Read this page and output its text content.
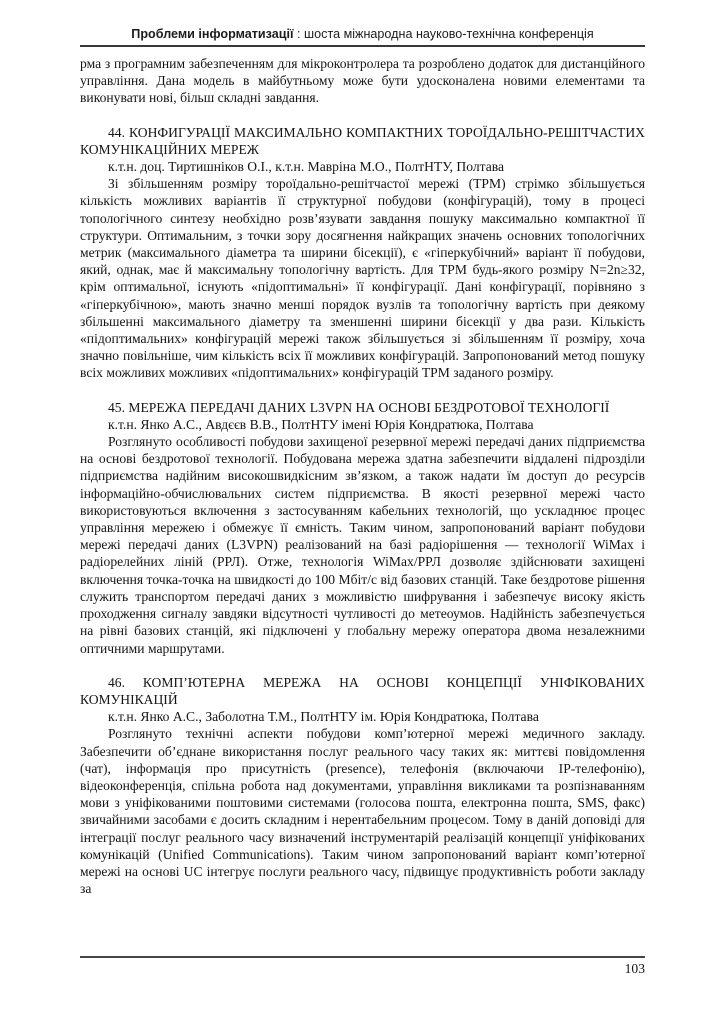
Проблеми інформатизації : шоста міжнародна науково-технічна конференція

рма з програмним забезпеченням для мікроконтролера та розроблено додаток для дистанційного управління. Дана модель в майбутньому може бути удосконалена новими елементами та виконувати нові, більш складні завдання.

44. КОНФИГУРАЦІЇ МАКСИМАЛЬНО КОМПАКТНИХ ТОРОЇДАЛЬНО-РЕШІТЧАСТИХ КОМУНІКАЦІЙНИХ МЕРЕЖ

к.т.н. доц. Тиртишніков О.І., к.т.н. Мавріна М.О., ПолтНТУ, Полтава

Зі збільшенням розміру тороїдально-решітчастої мережі (ТРМ) стрімко збільшується кількість можливих варіантів її структурної побудови (конфігурацій), тому в процесі топологічного синтезу необхідно розв’язувати завдання пошуку максимально компактної її структури. Оптимальним, з точки зору досягнення найкращих значень основних топологічних метрик (максимального діаметра та ширини бісекції), є «гіперкубічний» варіант її побудови, який, однак, має й максимальну топологічну вартість. Для ТРМ будь-якого розміру N=2n≥32, крім оптимальної, існують «підоптимальні» її конфігурації. Дані конфігурації, порівняно з «гіперкубічною», мають значно менші порядок вузлів та топологічну вартість при деякому збільшенні максимального діаметру та зменшенні ширини бісекції у два рази. Кількість «підоптимальних» конфігурацій мережі також збільшується зі збільшенням її розміру, хоча значно повільніше, чим кількість всіх її можливих конфігурацій. Запропонований метод пошуку всіх можливих можливих «підоптимальних» конфігурацій ТРМ заданого розміру.

45. МЕРЕЖА ПЕРЕДАЧІ ДАНИХ L3VPN НА ОСНОВІ БЕЗДРОТОВОЇ ТЕХНОЛОГІЇ

к.т.н. Янко А.С., Авдєєв В.В., ПолтНТУ імені Юрія Кондратюка, Полтава

Розглянуто особливості побудови захищеної резервної мережі передачі даних підприємства на основі бездротової технології. Побудована мережа здатна забезпечити віддалені підрозділи підприємства надійним високошвидкісним зв’язком, а також надати їм доступ до ресурсів інформаційно-обчислювальних систем підприємства. В якості резервної мережі часто використовуються включення з застосуванням кабельних технологій, що ускладнює процес управління мережею і обмежує її ємність. Таким чином, запропонований варіант побудови мережі передачі даних (L3VPN) реалізований на базі радіорішення — технології WiMax і радіорелейних ліній (РРЛ). Отже, технологія WiMax/РРЛ дозволяє здійснювати захищені включення точка-точка на швидкості до 100 Мбіт/с від базових станцій. Таке бездротове рішення служить транспортом передачі даних з можливістю шифрування і забезпечує високу якість проходження сигналу завдяки відсутності чутливості до метеоумов. Надійність забезпечується на рівні базових станцій, які підключені у глобальну мережу оператора двома незалежними оптичними маршрутами.

46. КОМП’ЮТЕРНА МЕРЕЖА НА ОСНОВІ КОНЦЕПЦІЇ УНІФІКОВАНИХ КОМУНІКАЦІЙ

к.т.н. Янко А.С., Заболотна Т.М., ПолтНТУ ім. Юрія Кондратюка, Полтава

Розглянуто технічні аспекти побудови комп’ютерної мережі медичного закладу. Забезпечити об’єднане використання послуг реального часу таких як: миттєві повідомлення (чат), інформація про присутність (presence), телефонія (включаючи IP-телефонію), відеоконференція, спільна робота над документами, управління викликами та розпізнаванням мови з уніфікованими поштовими системами (голосова пошта, електронна пошта, SMS, факс) звичайними засобами є досить складним і нерентабельним процесом. Тому в даній доповіді для інтеграції послуг реального часу визначений інструментарій реалізацій концепції уніфікованих комунікацій (Unified Communications). Таким чином запропонований варіант комп’ютерної мережі на основі UC інтегрує послуги реального часу, підвищує продуктивність роботи закладу за

103
